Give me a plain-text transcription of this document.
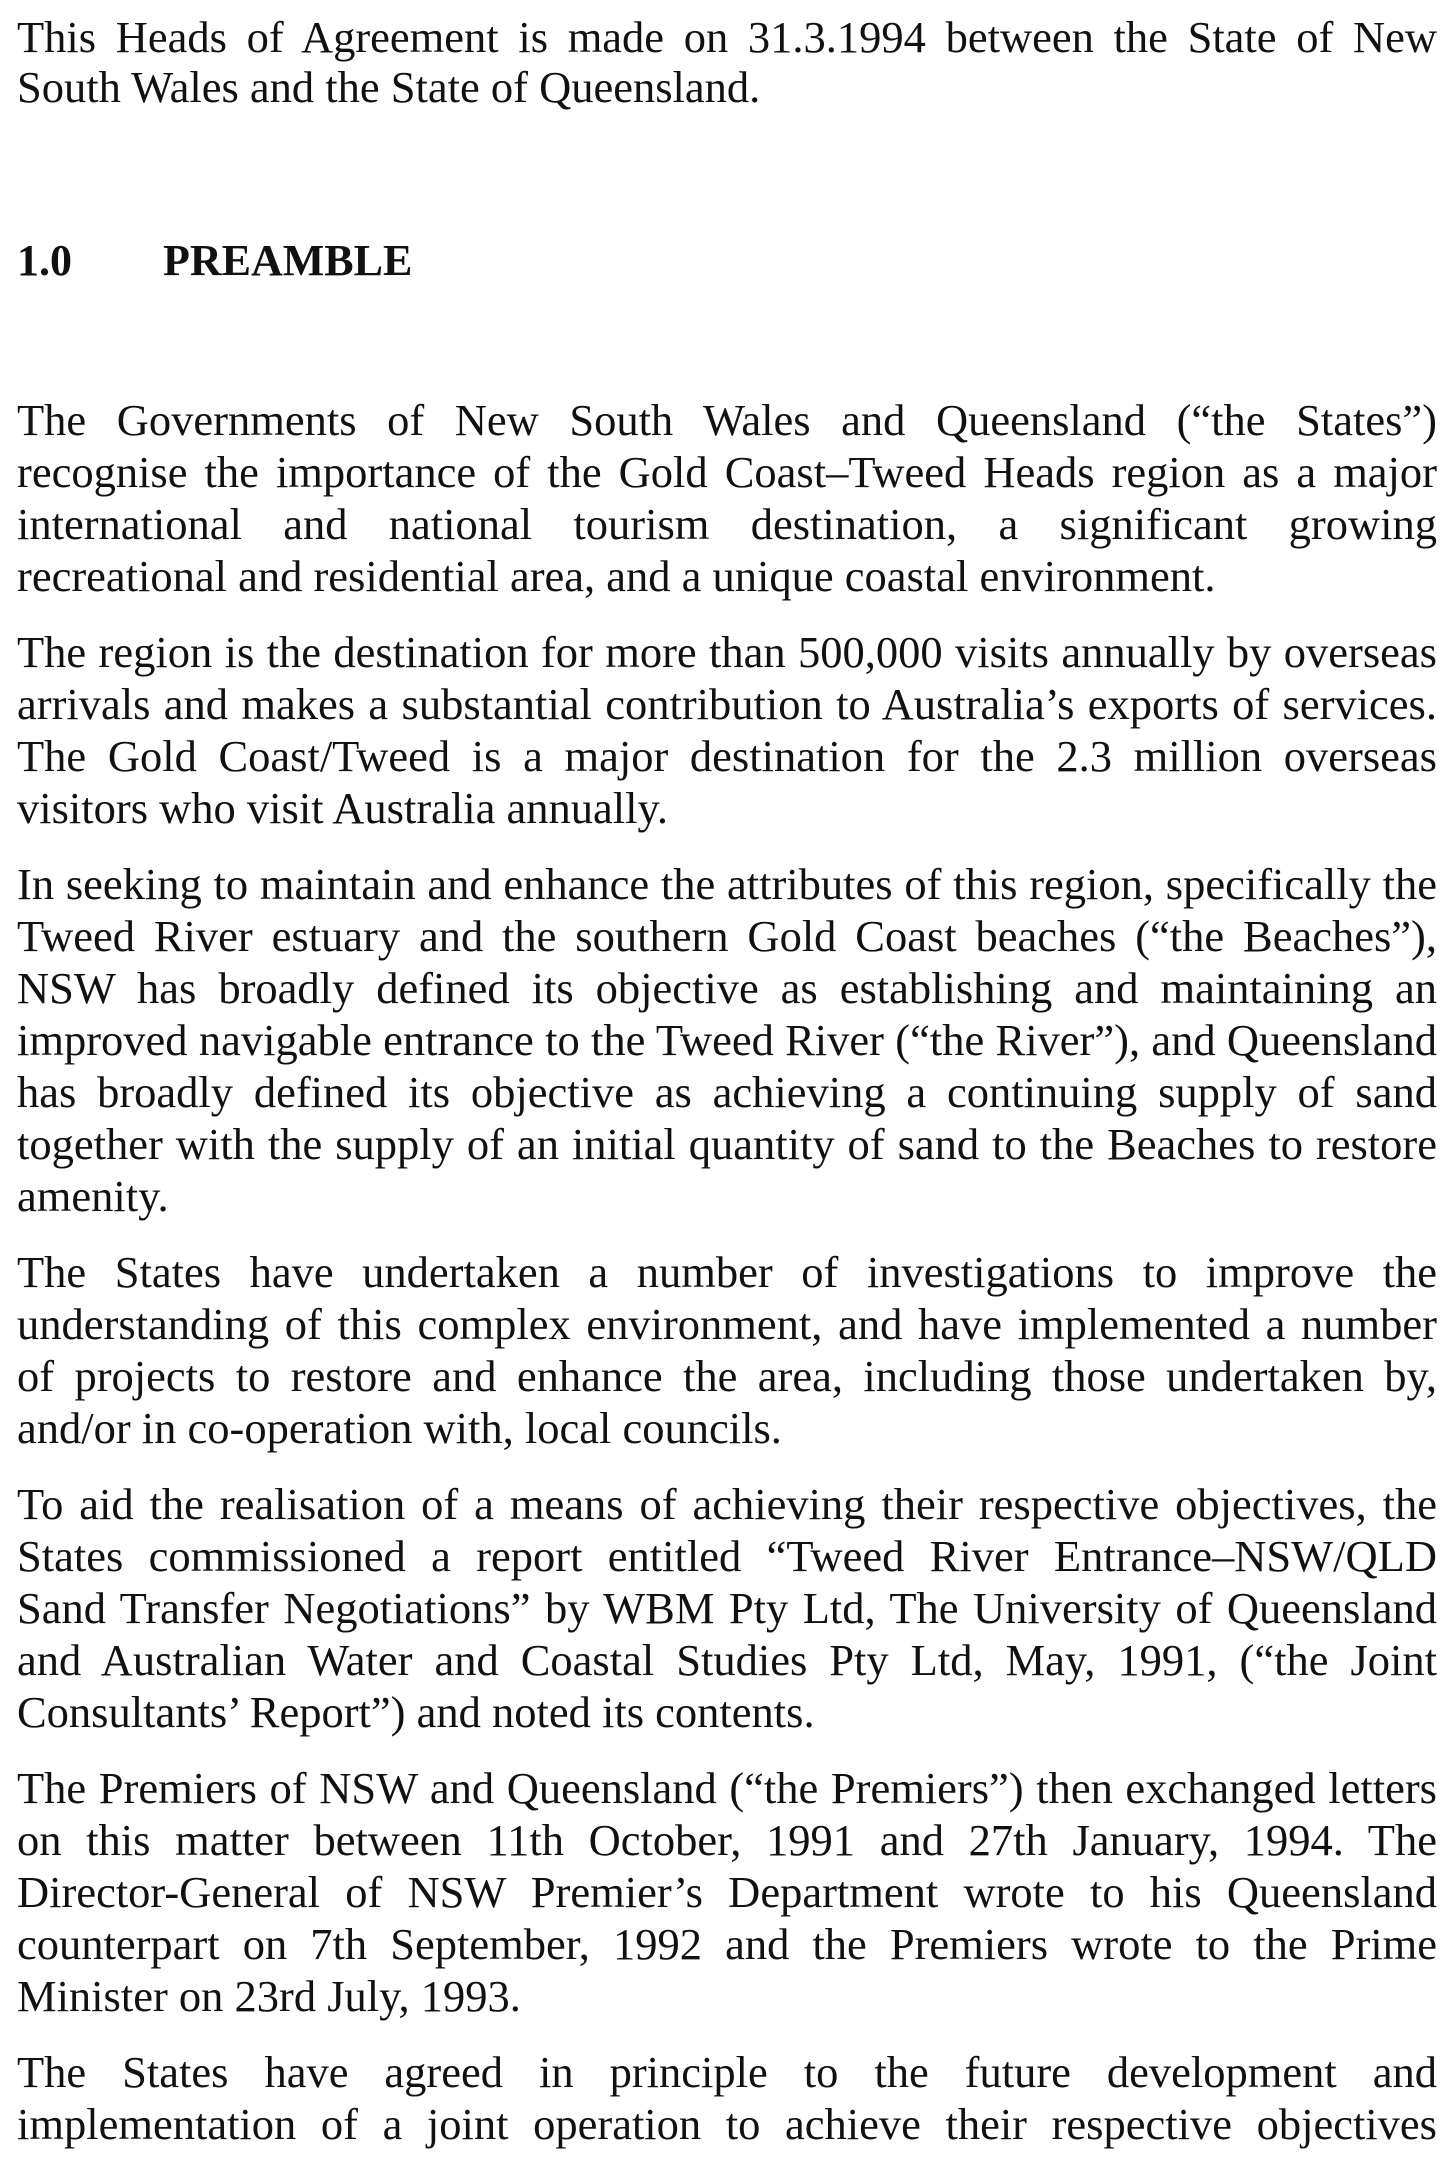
This Heads of Agreement is made on 31.3.1994 between the State of New South Wales and the State of Queensland.

1.0	PREAMBLE

The Governments of New South Wales and Queensland (“the States”) recognise the importance of the Gold Coast–Tweed Heads region as a major international and national tourism destination, a significant growing recreational and residential area, and a unique coastal environment.

The region is the destination for more than 500,000 visits annually by overseas arrivals and makes a substantial contribution to Australia’s exports of services. The Gold Coast/Tweed is a major destination for the 2.3 million overseas visitors who visit Australia annually.

In seeking to maintain and enhance the attributes of this region, specifically the Tweed River estuary and the southern Gold Coast beaches (“the Beaches”), NSW has broadly defined its objective as establishing and maintaining an improved navigable entrance to the Tweed River (“the River”), and Queensland has broadly defined its objective as achieving a continuing supply of sand together with the supply of an initial quantity of sand to the Beaches to restore amenity.

The States have undertaken a number of investigations to improve the understanding of this complex environment, and have implemented a number of projects to restore and enhance the area, including those undertaken by, and/or in co-operation with, local councils.

To aid the realisation of a means of achieving their respective objectives, the States commissioned a report entitled “Tweed River Entrance–NSW/QLD Sand Transfer Negotiations” by WBM Pty Ltd, The University of Queensland and Australian Water and Coastal Studies Pty Ltd, May, 1991, (“the Joint Consultants’ Report”) and noted its contents.

The Premiers of NSW and Queensland (“the Premiers”) then exchanged letters on this matter between 11th October, 1991 and 27th January, 1994. The Director-General of NSW Premier’s Department wrote to his Queensland counterpart on 7th September, 1992 and the Premiers wrote to the Prime Minister on 23rd July, 1993.

The States have agreed in principle to the future development and implementation of a joint operation to achieve their respective objectives
